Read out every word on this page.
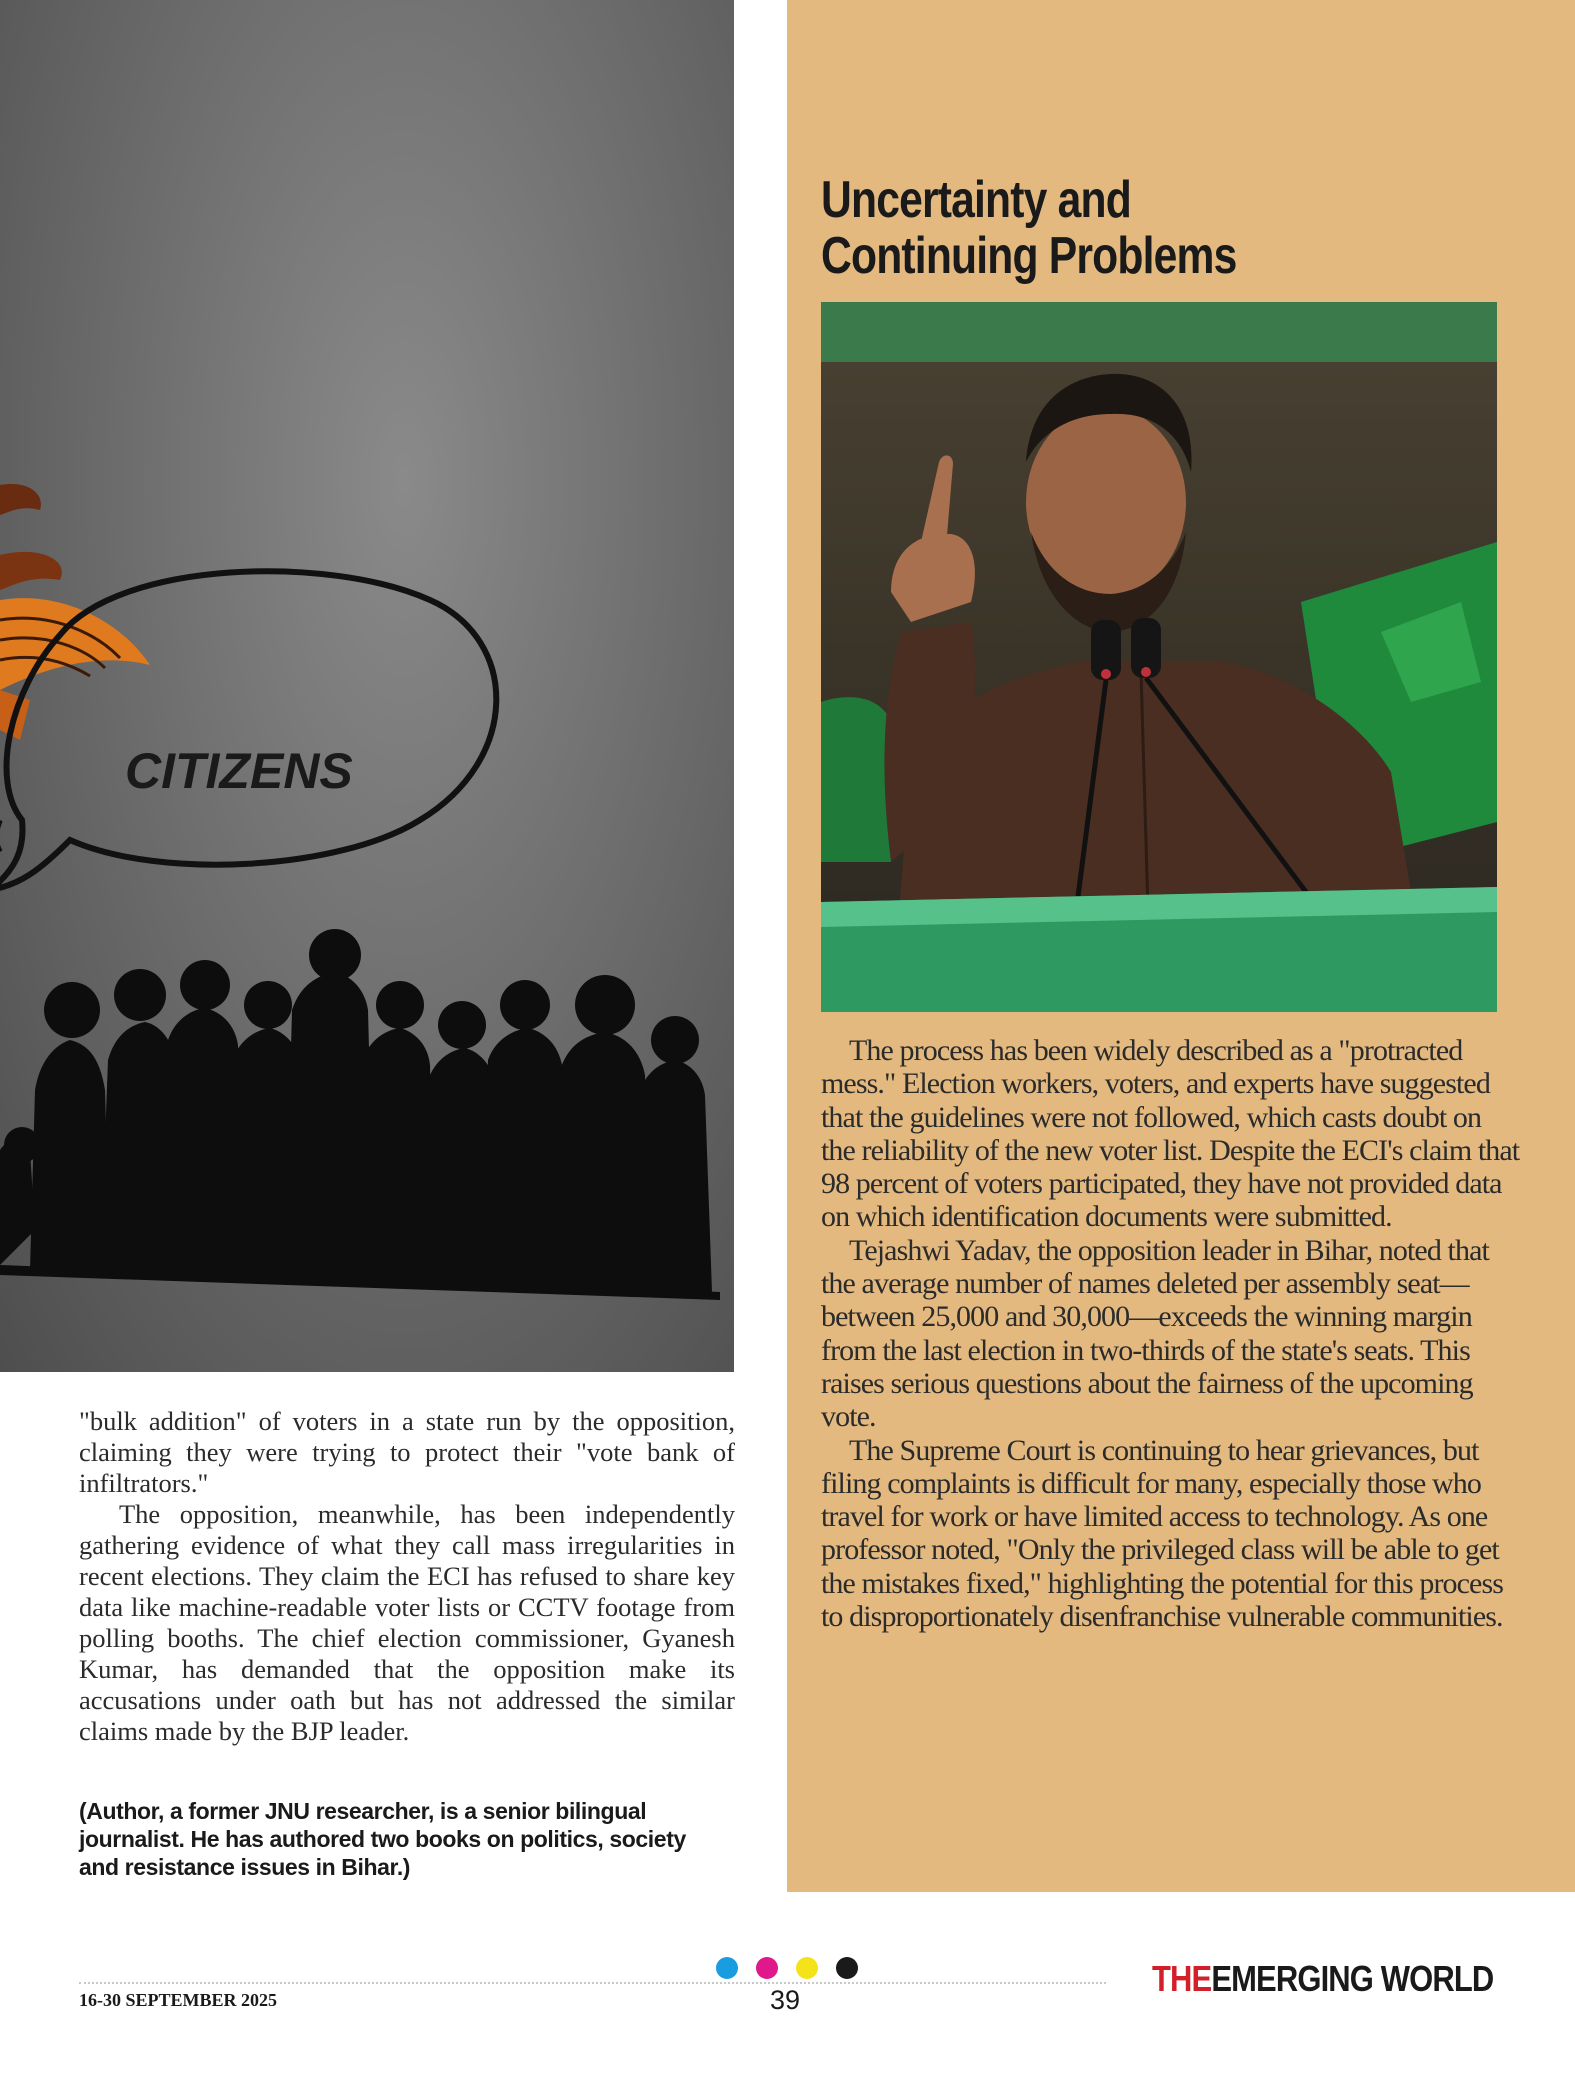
CITIZENS
Uncertainty and
Continuing Problems

The process has been widely described as a "protracted mess." Election workers, voters, and experts have suggested that the guidelines were not followed, which casts doubt on the reliability of the new voter list. Despite the ECI's claim that 98 percent of voters participated, they have not provided data on which identification documents were submitted.

Tejashwi Yadav, the opposition leader in Bihar, noted that the average number of names deleted per assembly seat—between 25,000 and 30,000—exceeds the winning margin from the last election in two-thirds of the state's seats. This raises serious questions about the fairness of the upcoming vote.

The Supreme Court is continuing to hear grievances, but filing complaints is difficult for many, especially those who travel for work or have limited access to technology. As one professor noted, "Only the privileged class will be able to get the mistakes fixed," highlighting the potential for this process to disproportionately disenfranchise vulnerable communities.

"bulk addition" of voters in a state run by the opposition, claiming they were trying to protect their "vote bank of infiltrators."

The opposition, meanwhile, has been independently gathering evidence of what they call mass irregularities in recent elections. They claim the ECI has refused to share key data like machine-readable voter lists or CCTV footage from polling booths. The chief election commissioner, Gyanesh Kumar, has demanded that the opposition make its accusations under oath but has not addressed the similar claims made by the BJP leader.

(Author, a former JNU researcher, is a senior bilingual journalist. He has authored two books on politics, society and resistance issues in Bihar.)
16-30 SEPTEMBER 2025	39
THEEMERGING WORLD
